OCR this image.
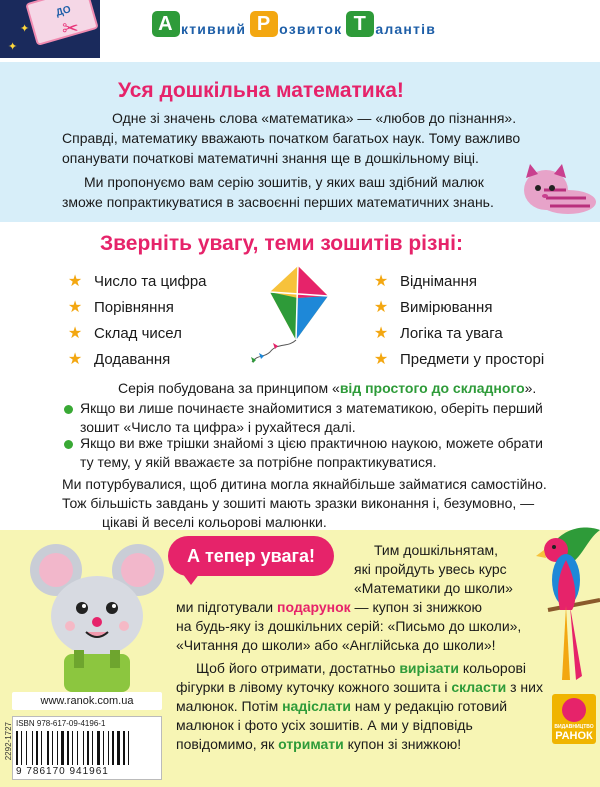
✦
✦
ДО
✂	А ктивний Р озвиток Т алантів
Уся дошкільна математика!
Одне зі значень слова «математика» — «любов до пізнання».
Справді, математику вважають початком багатьох наук. Тому важливо
опанувати початкові математичні знання ще в дошкільному віці.
Ми пропонуємо вам серію зошитів, у яких ваш здібний малюк
зможе попрактикуватися в засвоєнні перших математичних знань.
Зверніть увагу, теми зошитів різні:
★ Число та цифра
★ Порівняння
★ Склад чисел
★ Додавання
★ Віднімання
★ Вимірювання
★ Логіка та увага
★ Предмети у просторі
Серія побудована за принципом «від простого до складного».
Якщо ви лише починаєте знайомитися з математикою, оберіть перший
зошит «Число та цифра» і рухайтеся далі.
Якщо ви вже трішки знайомі з цією практичною наукою, можете обрати
ту тему, у якій вважаєте за потрібне попрактикуватися.
Ми потурбувалися, щоб дитина могла якнайбільше займатися самостійно.
Тож більшість завдань у зошиті мають зразки виконання і, безумовно, —
цікаві й веселі кольорові малюнки.
А тепер увага!	Тим дошкільнятам,
які пройдуть увесь курс
«Математики до школи»
ми підготували подарунок — купон зі знижкою
на будь-яку із дошкільних серій: «Письмо до школи»,
«Читання до школи» або «Англійська до школи»!
Щоб його отримати, достатньо вирізати кольорові
фігурки в лівому куточку кожного зошита і скласти з них
малюнок. Потім надіслати нам у редакцію готовий
малюнок і фото усіх зошитів. А ми у відповідь
повідомимо, як отримати купон зі знижкою!
www.ranok.com.ua
ISBN 978-617-09-4196-1
9 786170 941961
2292-1727	ВИДАВНИЦТВО
РАНОК
